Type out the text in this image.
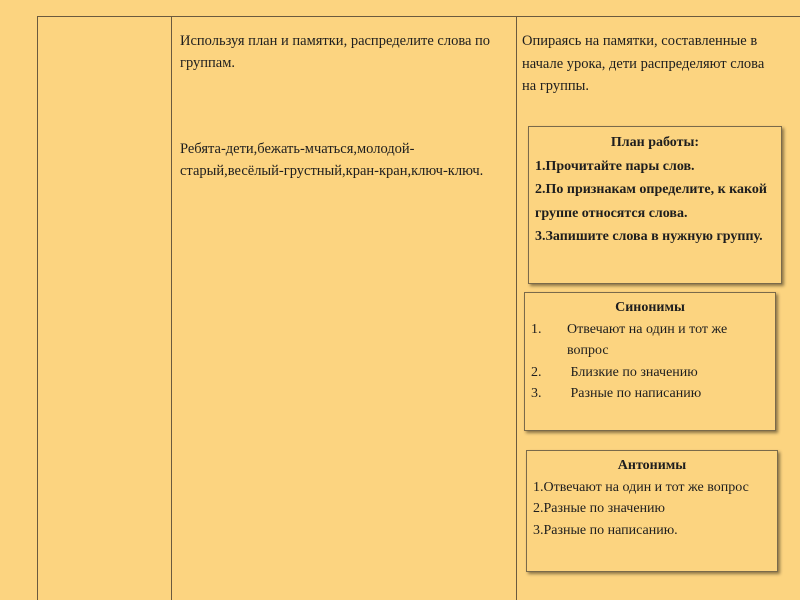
Используя план и памятки, распределите слова по группам.

Ребята-дети,бежать-мчаться,молодой-старый,весёлый-грустный,кран-кран,ключ-ключ.

Опираясь на памятки, составленные в начале урока, дети распределяют слова на группы.

План работы:
1.Прочитайте пары слов.
2.По признакам определите, к какой группе относятся слова.
3.Запишите слова в нужную группу.
Синонимы
1.	Отвечают на один и тот же вопрос
2.	Близкие по значению
3.	Разные по написанию
Антонимы
1.Отвечают на один и тот же вопрос
2.Разные по значению
3.Разные по написанию.
